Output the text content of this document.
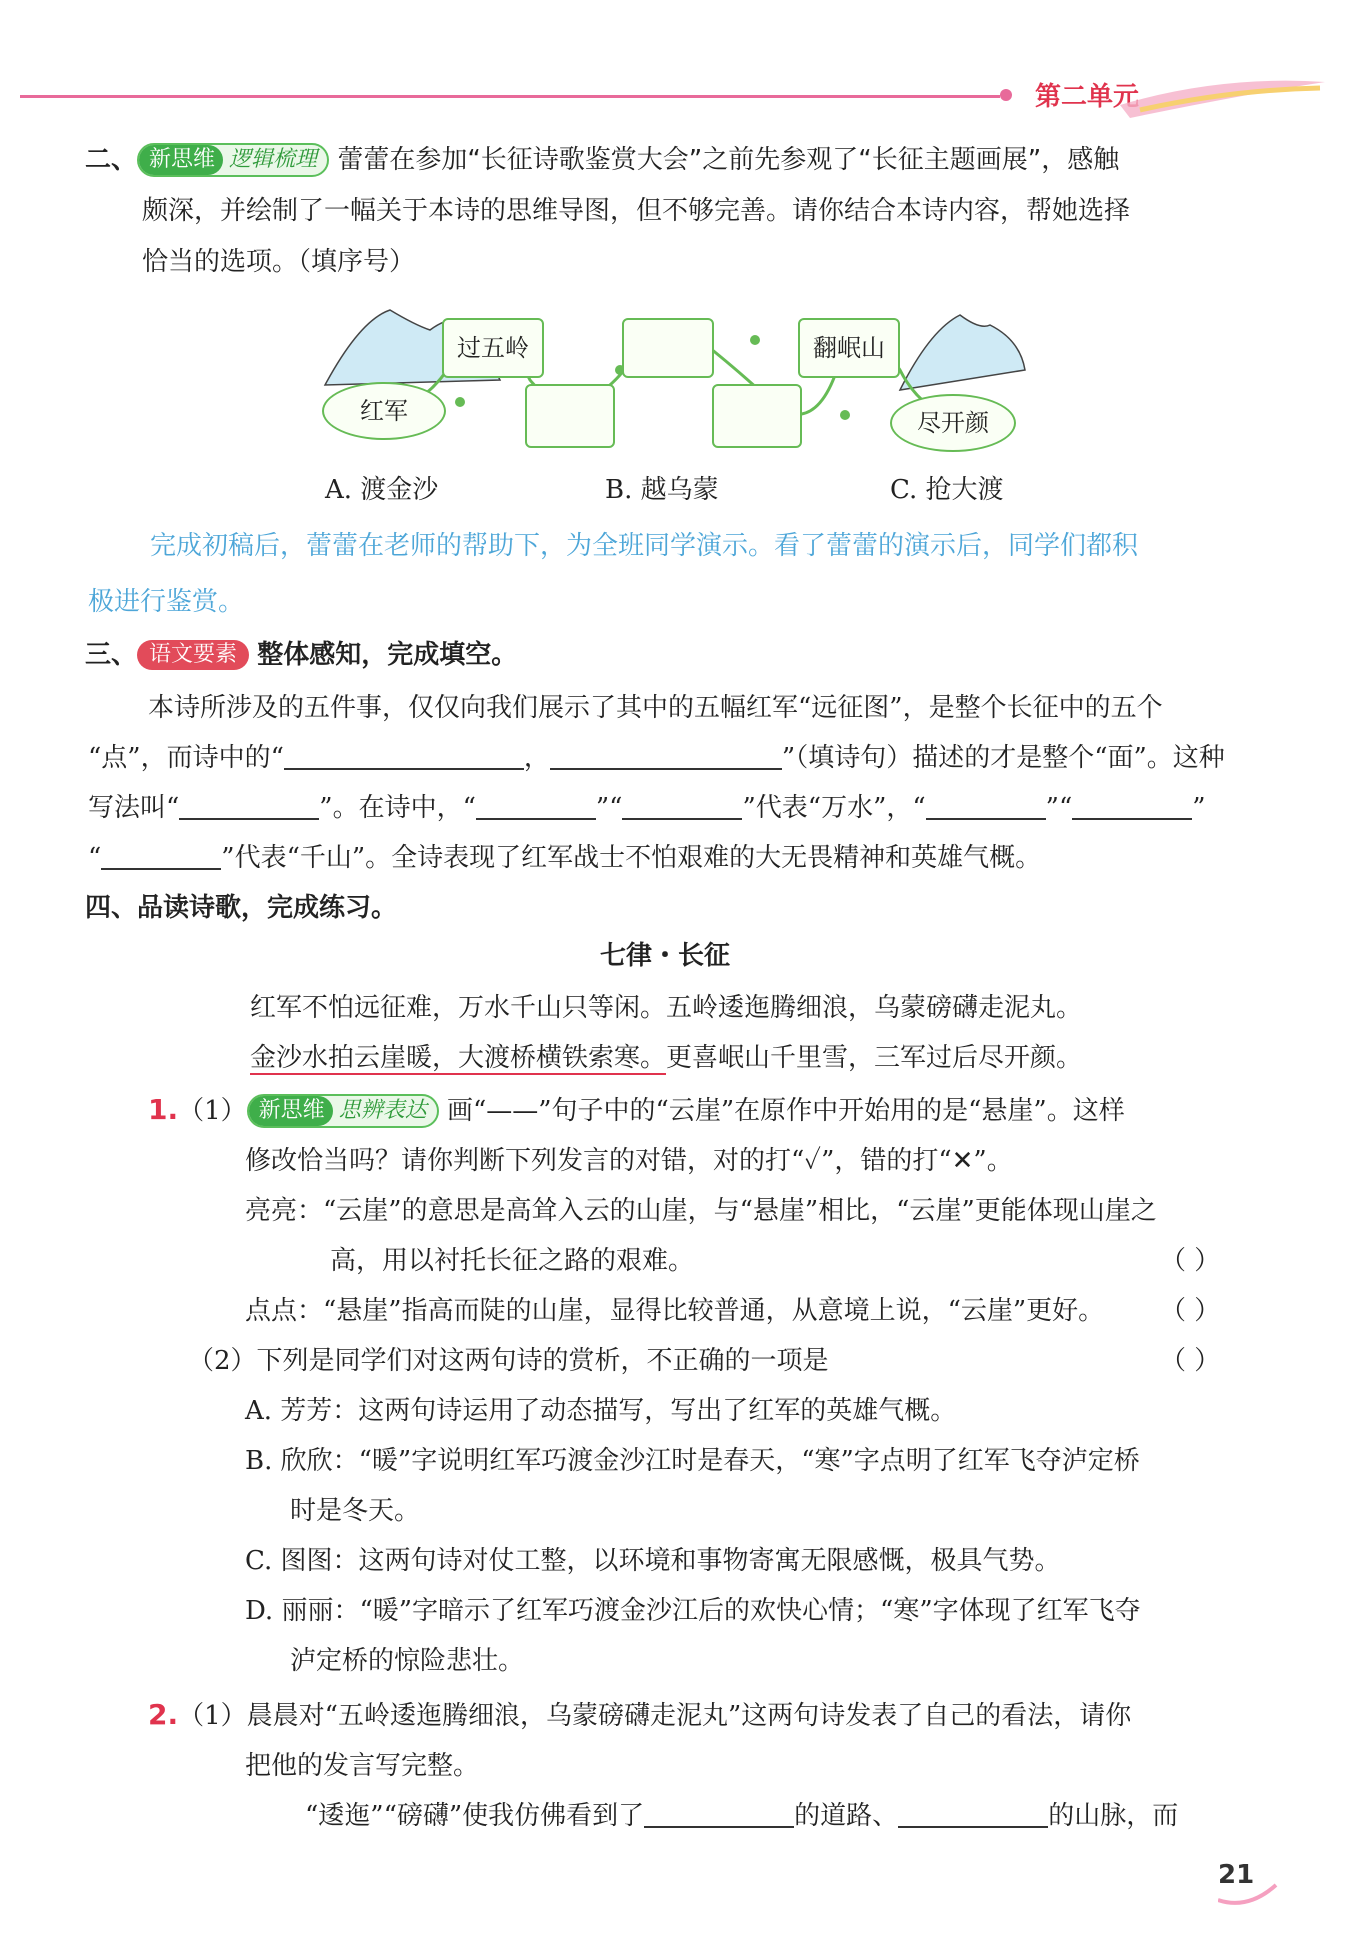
第二单元
二、 新思维 逻辑梳理 蕾蕾在参加“长征诗歌鉴赏大会”之前先参观了“长征主题画展”，感触
颇深，并绘制了一幅关于本诗的思维导图，但不够完善。请你结合本诗内容，帮她选择
恰当的选项。（填序号）
红军
过五岭	翻岷山
尽开颜
A. 渡金沙	B. 越乌蒙	C. 抢大渡
完成初稿后，蕾蕾在老师的帮助下，为全班同学演示。看了蕾蕾的演示后，同学们都积
极进行鉴赏。
三、 语文要素 整体感知，完成填空。
本诗所涉及的五件事，仅仅向我们展示了其中的五幅红军“远征图”，是整个长征中的五个
“点”，而诗中的“	，	”（填诗句）描述的才是整个“面”。这种
写法叫“	”。在诗中，“	”“	”代表“万水”，“	”“	”
“	”代表“千山”。全诗表现了红军战士不怕艰难的大无畏精神和英雄气概。
四、品读诗歌，完成练习。
七律・长征
红军不怕远征难，万水千山只等闲。五岭逶迤腾细浪，乌蒙磅礴走泥丸。
金沙水拍云崖暖，大渡桥横铁索寒。更喜岷山千里雪，三军过后尽开颜。
1.（1） 新思维 思辨表达 画“——”句子中的“云崖”在原作中开始用的是“悬崖”。这样
修改恰当吗？请你判断下列发言的对错，对的打“✓”，错的打“✕”。
亮亮：“云崖”的意思是高耸入云的山崖，与“悬崖”相比，“云崖”更能体现山崖之
高，用以衬托长征之路的艰难。	（ ）
点点：“悬崖”指高而陡的山崖，显得比较普通，从意境上说，“云崖”更好。 （ ）
（2）下列是同学们对这两句诗的赏析，不正确的一项是	（ ）
A. 芳芳：这两句诗运用了动态描写，写出了红军的英雄气概。
B. 欣欣：“暖”字说明红军巧渡金沙江时是春天，“寒”字点明了红军飞夺泸定桥
时是冬天。
C. 图图：这两句诗对仗工整，以环境和事物寄寓无限感慨，极具气势。
D. 丽丽：“暖”字暗示了红军巧渡金沙江后的欢快心情；“寒”字体现了红军飞夺
泸定桥的惊险悲壮。
2.（1）晨晨对“五岭逶迤腾细浪，乌蒙磅礴走泥丸”这两句诗发表了自己的看法，请你
把他的发言写完整。
“逶迤”“磅礴”使我仿佛看到了	的道路、	的山脉，而
21
